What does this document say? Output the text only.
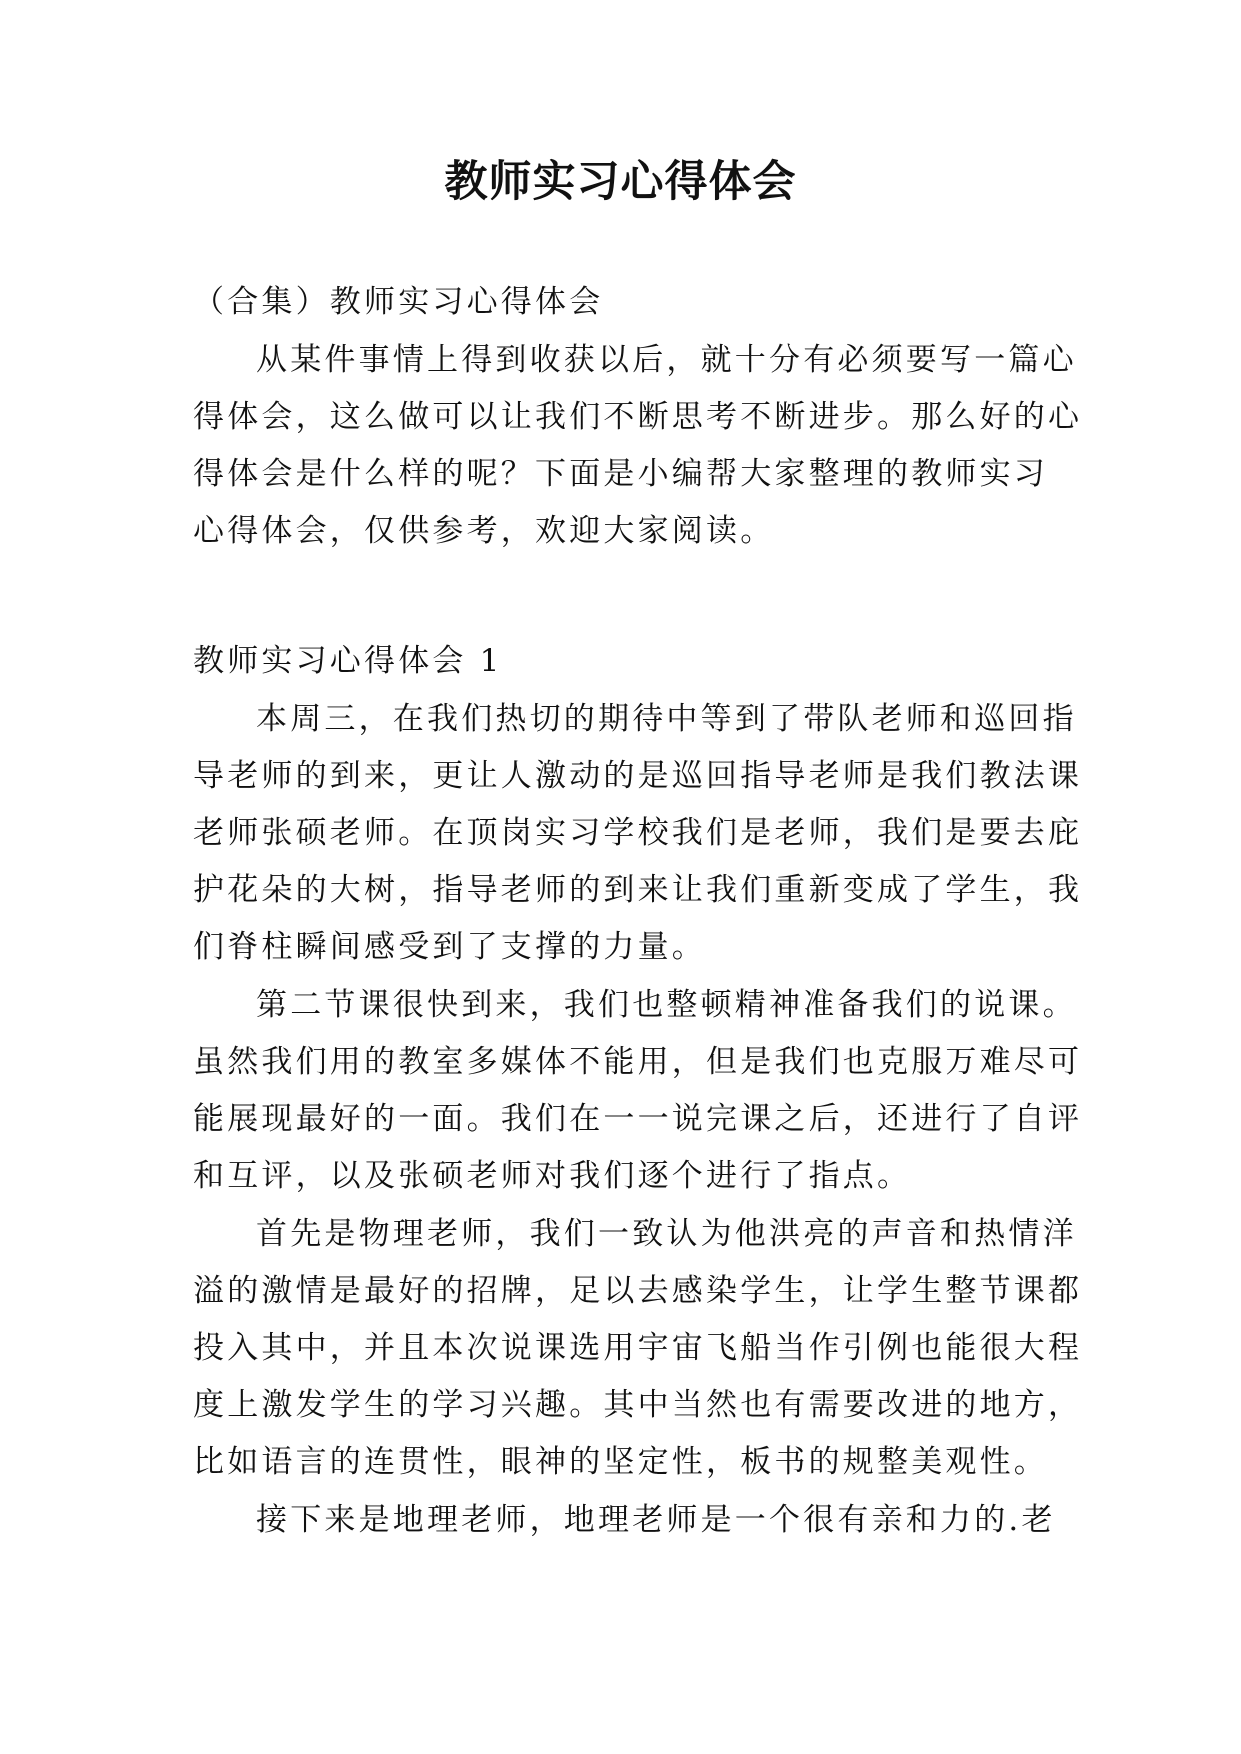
教师实习心得体会
（合集）教师实习心得体会
从某件事情上得到收获以后，就十分有必须要写一篇心
得体会，这么做可以让我们不断思考不断进步。那么好的心
得体会是什么样的呢？下面是小编帮大家整理的教师实习
心得体会，仅供参考，欢迎大家阅读。
教师实习心得体会 1
本周三，在我们热切的期待中等到了带队老师和巡回指
导老师的到来，更让人激动的是巡回指导老师是我们教法课
老师张硕老师。在顶岗实习学校我们是老师，我们是要去庇
护花朵的大树，指导老师的到来让我们重新变成了学生，我
们脊柱瞬间感受到了支撑的力量。
第二节课很快到来，我们也整顿精神准备我们的说课。
虽然我们用的教室多媒体不能用，但是我们也克服万难尽可
能展现最好的一面。我们在一一说完课之后，还进行了自评
和互评，以及张硕老师对我们逐个进行了指点。
首先是物理老师，我们一致认为他洪亮的声音和热情洋
溢的激情是最好的招牌，足以去感染学生，让学生整节课都
投入其中，并且本次说课选用宇宙飞船当作引例也能很大程
度上激发学生的学习兴趣。其中当然也有需要改进的地方，
比如语言的连贯性，眼神的坚定性，板书的规整美观性。
接下来是地理老师，地理老师是一个很有亲和力的.老
